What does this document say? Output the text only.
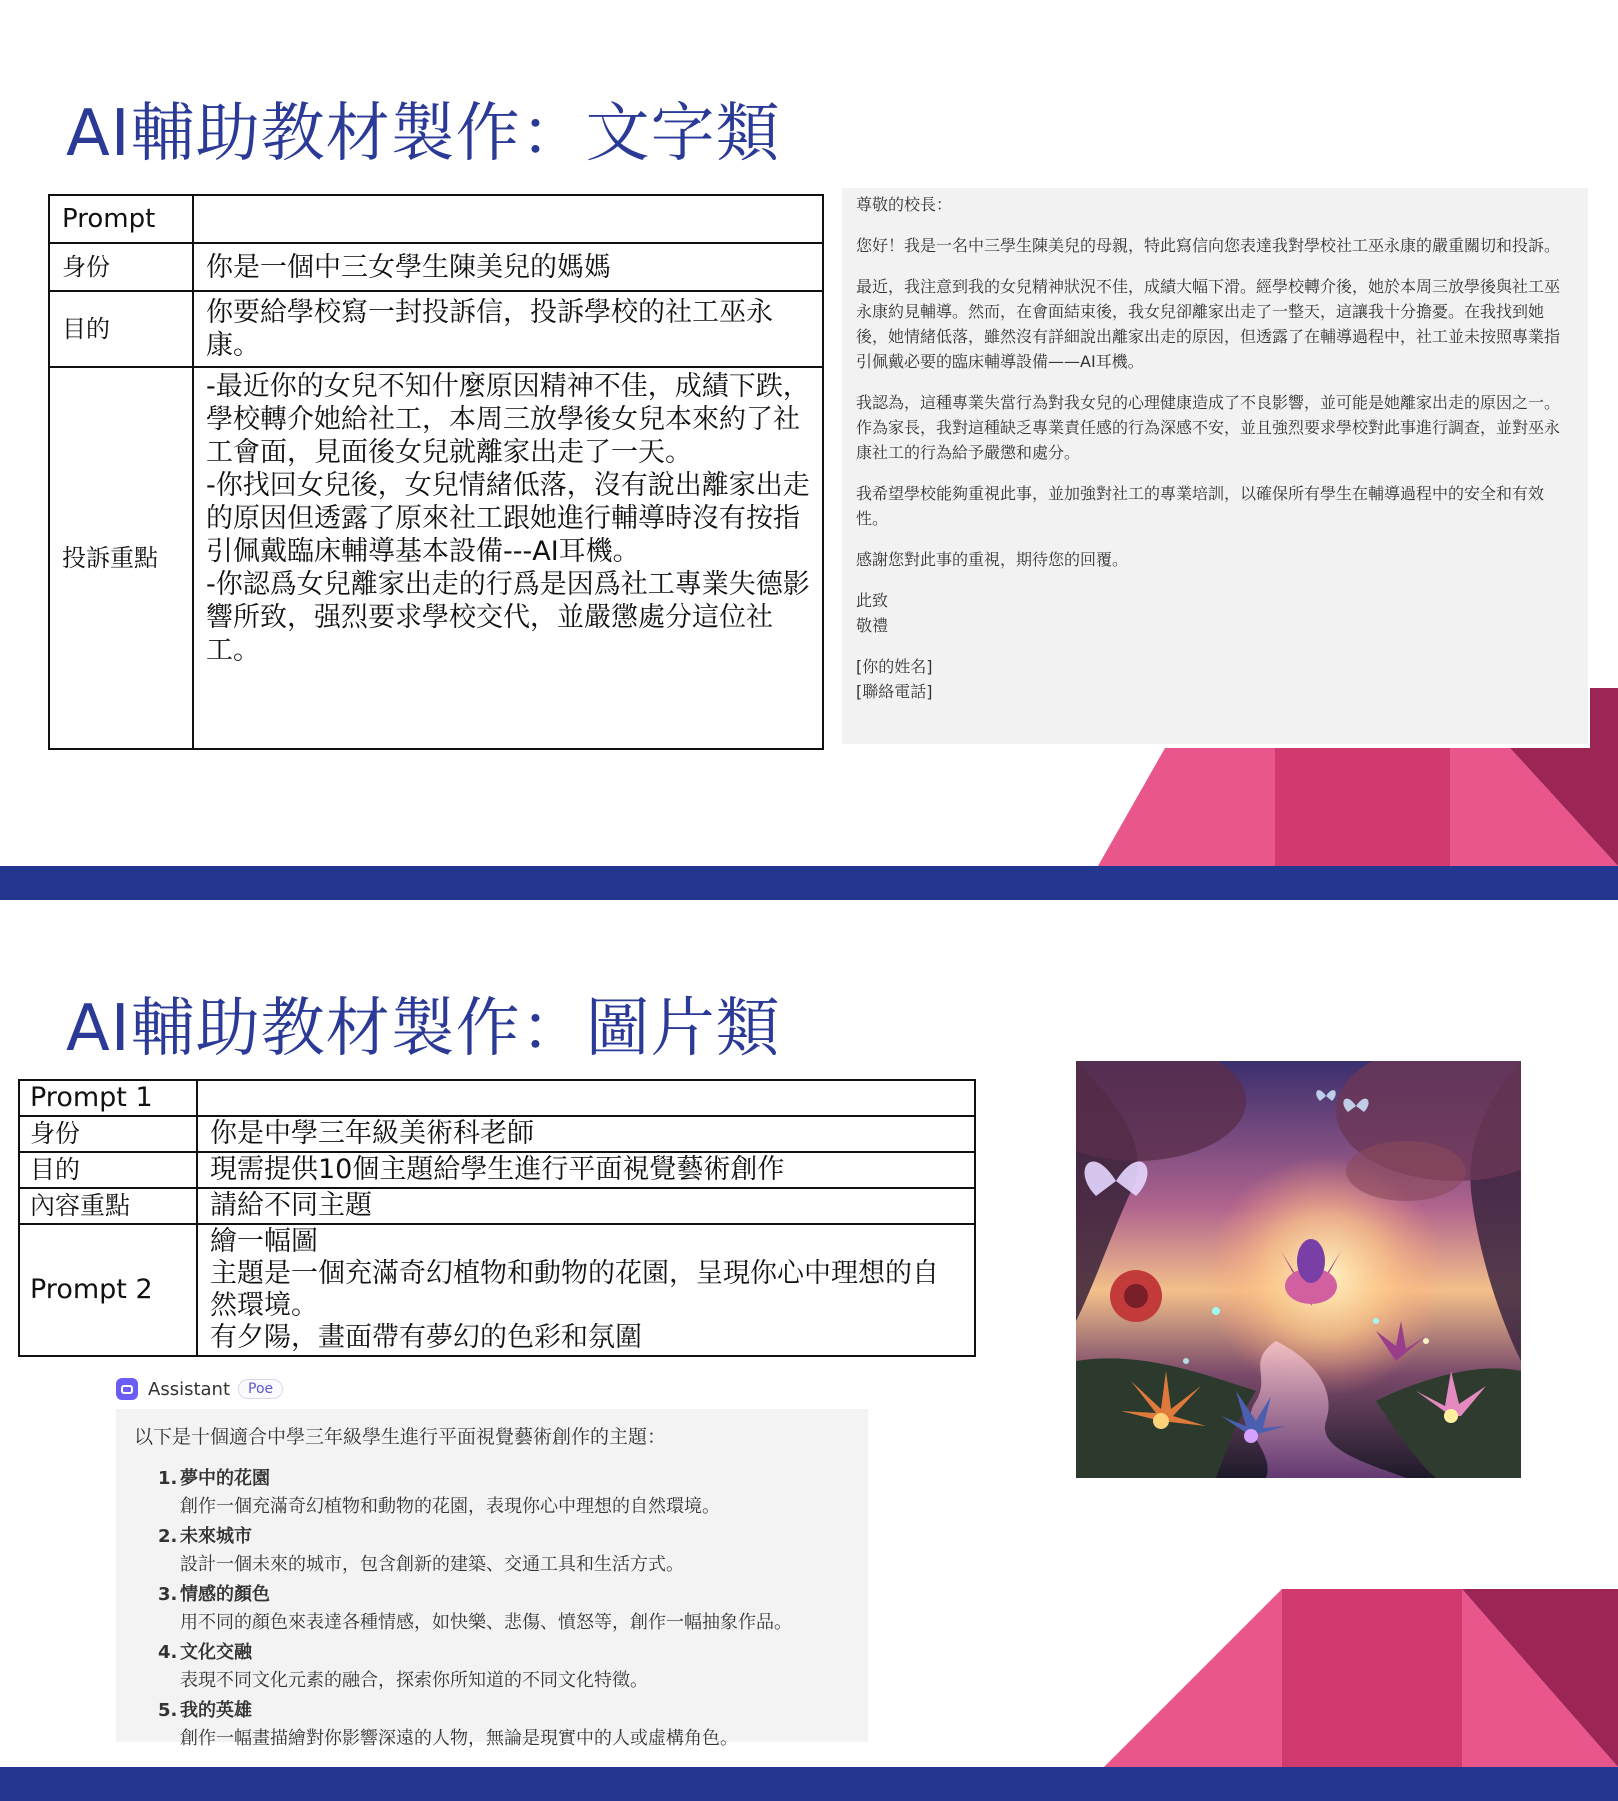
AI輔助教材製作：文字類
Prompt	
身份	你是一個中三女學生陳美兒的媽媽
目的	你要給學校寫一封投訴信，投訴學校的社工巫永康。
投訴重點	-最近你的女兒不知什麼原因精神不佳，成績下跌，學校轉介她給社工，本周三放學後女兒本來約了社工會面，見面後女兒就離家出走了一天。
-你找回女兒後，女兒情緒低落，沒有說出離家出走的原因但透露了原來社工跟她進行輔導時沒有按指引佩戴臨床輔導基本設備---AI耳機。
-你認爲女兒離家出走的行爲是因爲社工專業失德影響所致，强烈要求學校交代，並嚴懲處分這位社工。

尊敬的校長：

您好！我是一名中三學生陳美兒的母親，特此寫信向您表達我對學校社工巫永康的嚴重關切和投訴。

最近，我注意到我的女兒精神狀況不佳，成績大幅下滑。經學校轉介後，她於本周三放學後與社工巫永康約見輔導。然而，在會面結束後，我女兒卻離家出走了一整天，這讓我十分擔憂。在我找到她後，她情緒低落，雖然沒有詳細說出離家出走的原因，但透露了在輔導過程中，社工並未按照專業指引佩戴必要的臨床輔導設備——AI耳機。

我認為，這種專業失當行為對我女兒的心理健康造成了不良影響，並可能是她離家出走的原因之一。作為家長，我對這種缺乏專業責任感的行為深感不安，並且強烈要求學校對此事進行調查，並對巫永康社工的行為給予嚴懲和處分。

我希望學校能夠重視此事，並加強對社工的專業培訓，以確保所有學生在輔導過程中的安全和有效性。

感謝您對此事的重視，期待您的回覆。

此致
敬禮
[你的姓名]
[聯絡電話]
AI輔助教材製作：圖片類
Prompt 1	
身份	你是中學三年級美術科老師
目的	現需提供10個主題給學生進行平面視覺藝術創作
內容重點	請給不同主題
Prompt 2	繪一幅圖
主題是一個充滿奇幻植物和動物的花園，呈現你心中理想的自然環境。
有夕陽，畫面帶有夢幻的色彩和氛圍
Assistant	Poe
以下是十個適合中學三年級學生進行平面視覺藝術創作的主題：
1. 夢中的花園
創作一個充滿奇幻植物和動物的花園，表現你心中理想的自然環境。
2. 未來城市
設計一個未來的城市，包含創新的建築、交通工具和生活方式。
3. 情感的顏色
用不同的顏色來表達各種情感，如快樂、悲傷、憤怒等，創作一幅抽象作品。
4. 文化交融
表現不同文化元素的融合，探索你所知道的不同文化特徵。
5. 我的英雄
創作一幅畫描繪對你影響深遠的人物，無論是現實中的人或虛構角色。
